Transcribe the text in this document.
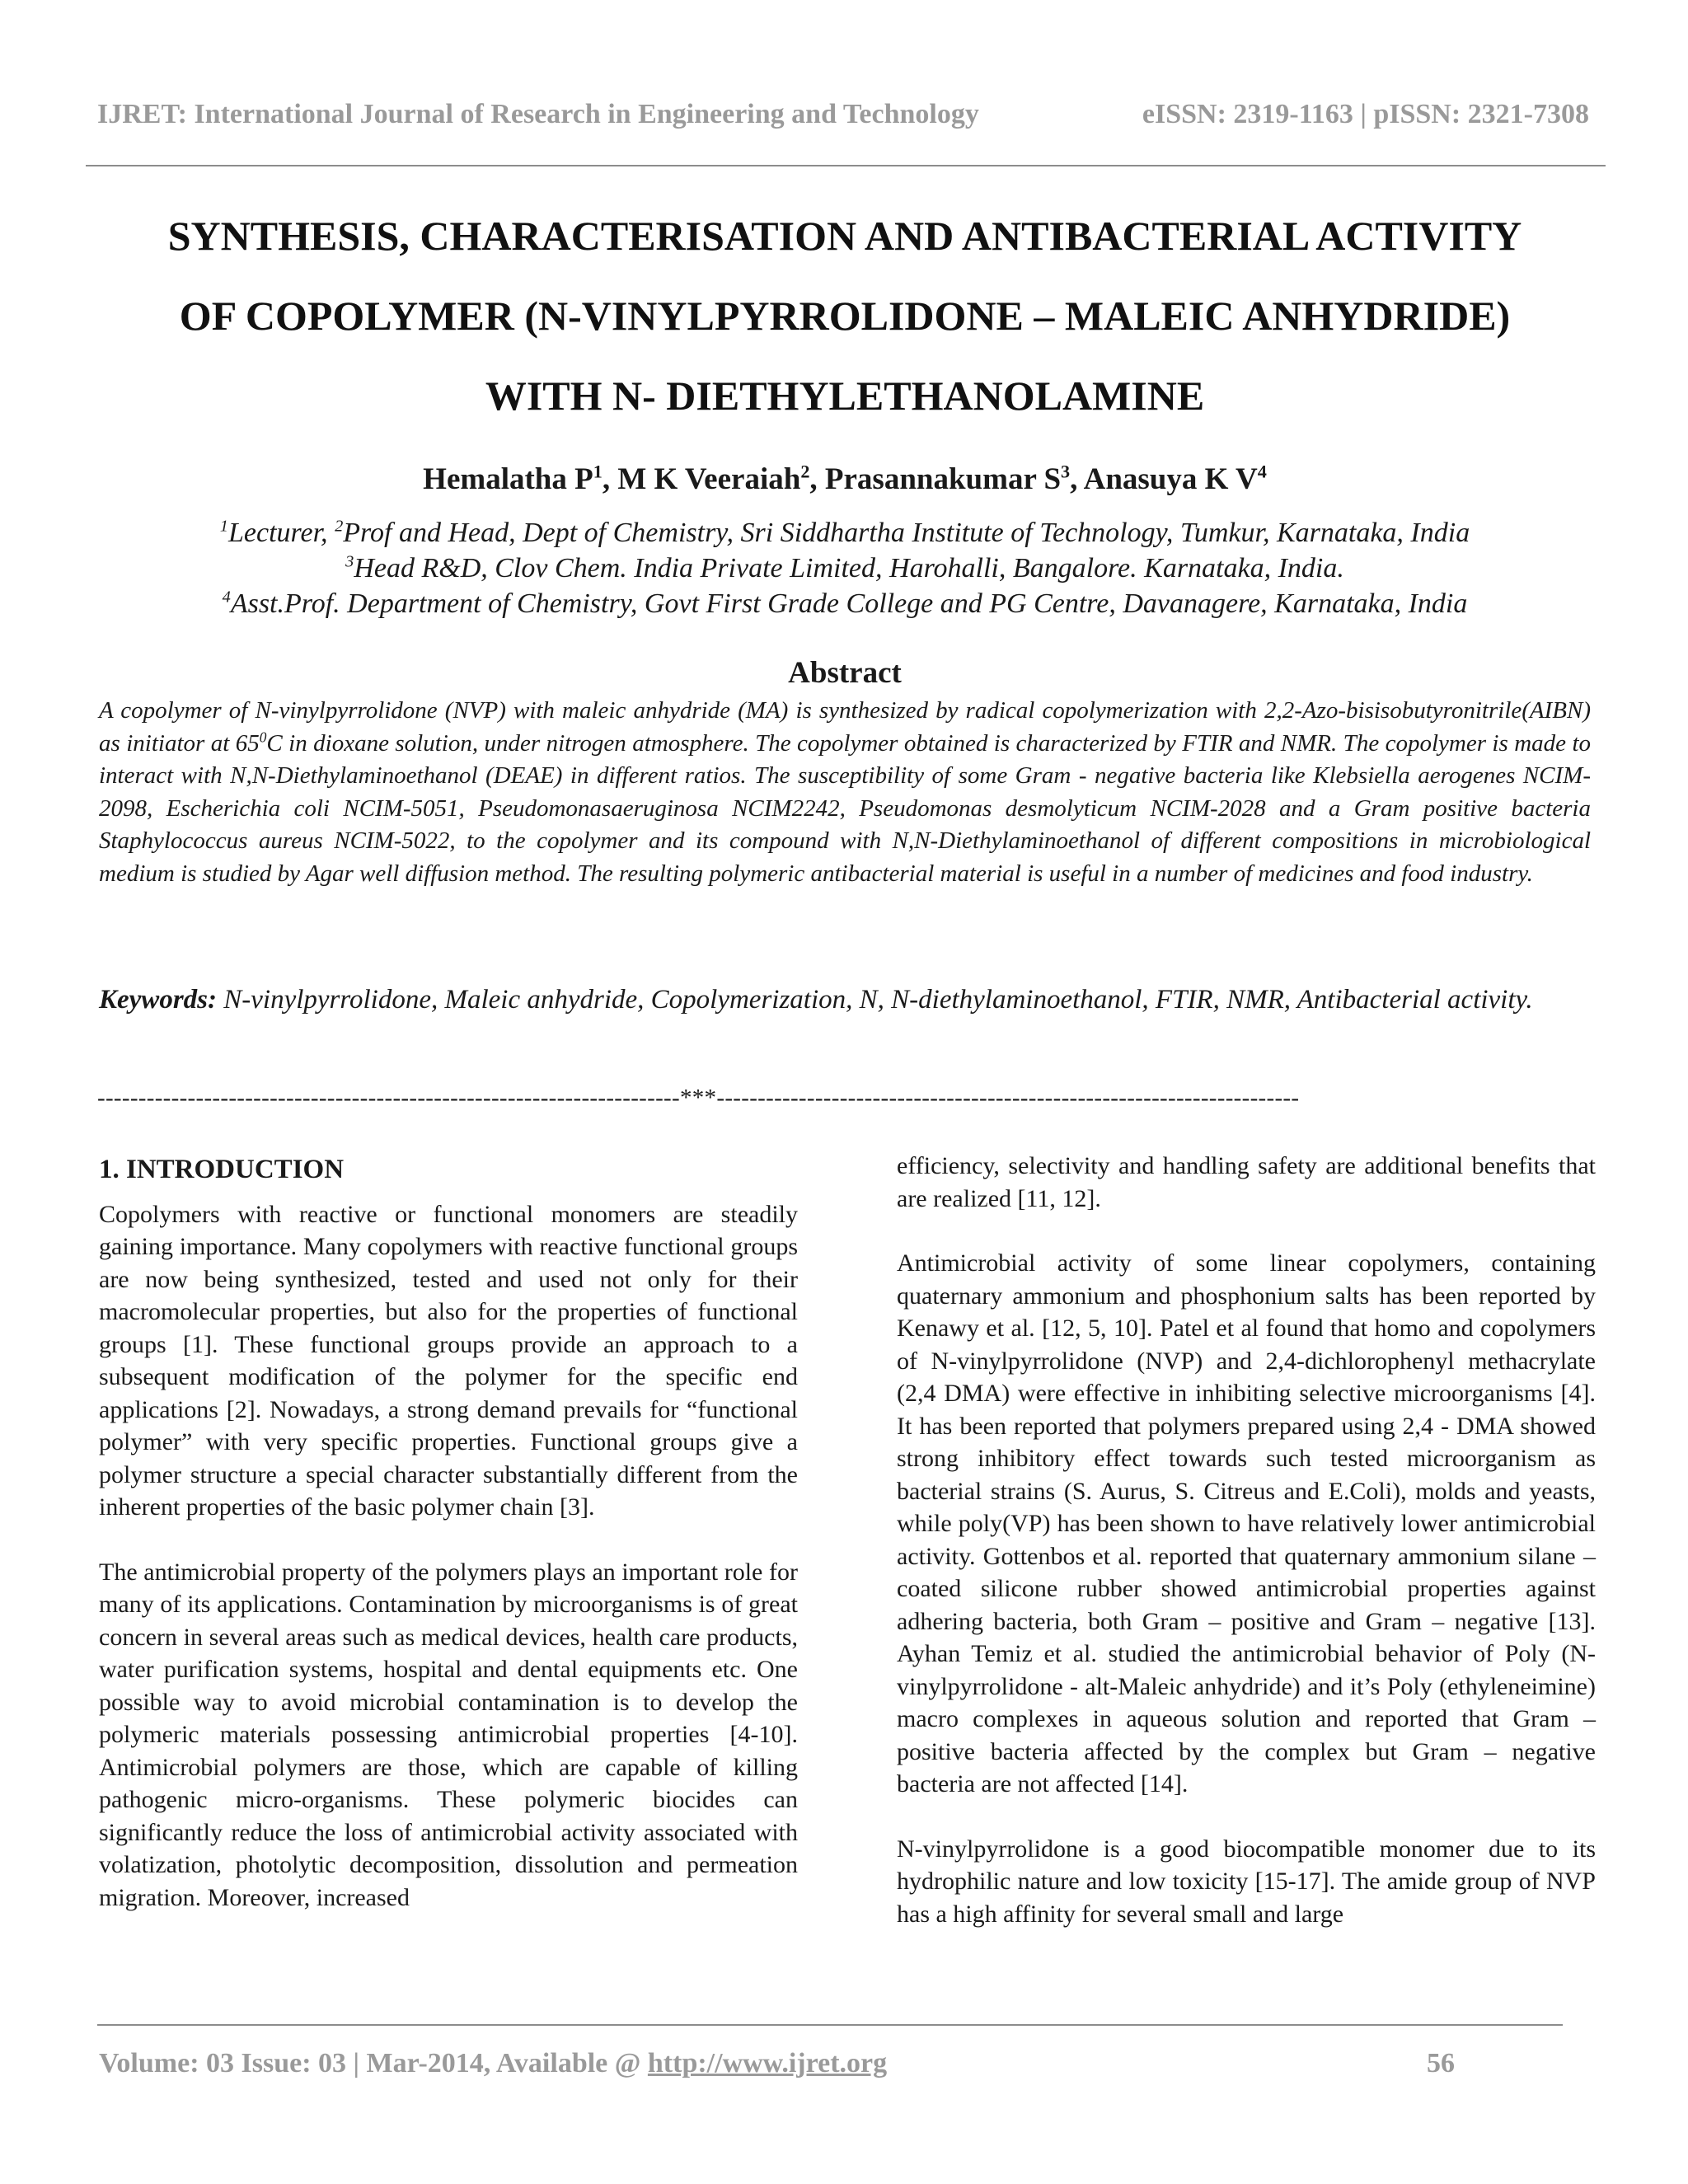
IJRET: International Journal of Research in Engineering and Technology	eISSN: 2319-1163 | pISSN: 2321-7308
SYNTHESIS, CHARACTERISATION AND ANTIBACTERIAL ACTIVITY
OF COPOLYMER (N-VINYLPYRROLIDONE – MALEIC ANHYDRIDE)
WITH N- DIETHYLETHANOLAMINE
Hemalatha $P^1$, M K Veeraiah$^2$, Prasannakumar $S^3$, Anasuya K $V^4$
$^1$Lecturer, $^2$Prof and Head, Dept of Chemistry, Sri Siddhartha Institute of Technology, Tumkur, Karnataka, India
$^3$Head R&D, Clov Chem. India Private Limited, Harohalli, Bangalore. Karnataka, India.
$^4$Asst.Prof. Department of Chemistry, Govt First Grade College and PG Centre, Davanagere, Karnataka, India
Abstract
A copolymer of N-vinylpyrrolidone (NVP) with maleic anhydride (MA) is synthesized by radical copolymerization with 2,2-Azo-bisisobutyronitrile(AIBN) as initiator at $65^0C$ in dioxane solution, under nitrogen atmosphere. The copolymer obtained is characterized by FTIR and NMR. The copolymer is made to interact with N,N-Diethylaminoethanol (DEAE) in different ratios. The susceptibility of some Gram - negative bacteria like Klebsiella aerogenes NCIM-2098, Escherichia coli NCIM-5051, Pseudomonasaeruginosa NCIM2242, Pseudomonas desmolyticum NCIM-2028 and a Gram positive bacteria Staphylococcus aureus NCIM-5022, to the copolymer and its compound with N,N-Diethylaminoethanol of different compositions in microbiological medium is studied by Agar well diffusion method. The resulting polymeric antibacterial material is useful in a number of medicines and food industry.
Keywords: N-vinylpyrrolidone, Maleic anhydride, Copolymerization, N, N-diethylaminoethanol, FTIR, NMR, Antibacterial activity.
-----------------------------------------------------------------------***-----------------------------------------------------------------------

1. INTRODUCTION

Copolymers with reactive or functional monomers are steadily gaining importance. Many copolymers with reactive functional groups are now being synthesized, tested and used not only for their macromolecular properties, but also for the properties of functional groups [1]. These functional groups provide an approach to a subsequent modification of the polymer for the specific end applications [2]. Nowadays, a strong demand prevails for “functional polymer” with very specific properties. Functional groups give a polymer structure a special character substantially different from the inherent properties of the basic polymer chain [3].

The antimicrobial property of the polymers plays an important role for many of its applications. Contamination by microorganisms is of great concern in several areas such as medical devices, health care products, water purification systems, hospital and dental equipments etc. One possible way to avoid microbial contamination is to develop the polymeric materials possessing antimicrobial properties [4-10]. Antimicrobial polymers are those, which are capable of killing pathogenic micro-organisms. These polymeric biocides can significantly reduce the loss of antimicrobial activity associated with volatization, photolytic decomposition, dissolution and permeation migration. Moreover, increased

efficiency, selectivity and handling safety are additional benefits that are realized [11, 12].

Antimicrobial activity of some linear copolymers, containing quaternary ammonium and phosphonium salts has been reported by Kenawy et al. [12, 5, 10]. Patel et al found that homo and copolymers of N-vinylpyrrolidone (NVP) and 2,4-dichlorophenyl methacrylate (2,4 DMA) were effective in inhibiting selective microorganisms [4]. It has been reported that polymers prepared using 2,4 - DMA showed strong inhibitory effect towards such tested microorganism as bacterial strains (S. Aurus, S. Citreus and E.Coli), molds and yeasts, while poly(VP) has been shown to have relatively lower antimicrobial activity. Gottenbos et al. reported that quaternary ammonium silane – coated silicone rubber showed antimicrobial properties against adhering bacteria, both Gram – positive and Gram – negative [13]. Ayhan Temiz et al. studied the antimicrobial behavior of Poly (N-vinylpyrrolidone - alt-Maleic anhydride) and it’s Poly (ethyleneimine) macro complexes in aqueous solution and reported that Gram – positive bacteria affected by the complex but Gram – negative bacteria are not affected [14].

N-vinylpyrrolidone is a good biocompatible monomer due to its hydrophilic nature and low toxicity [15-17]. The amide group of NVP has a high affinity for several small and large

Volume: 03 Issue: 03 | Mar-2014, Available @ http://www.ijret.org	56
